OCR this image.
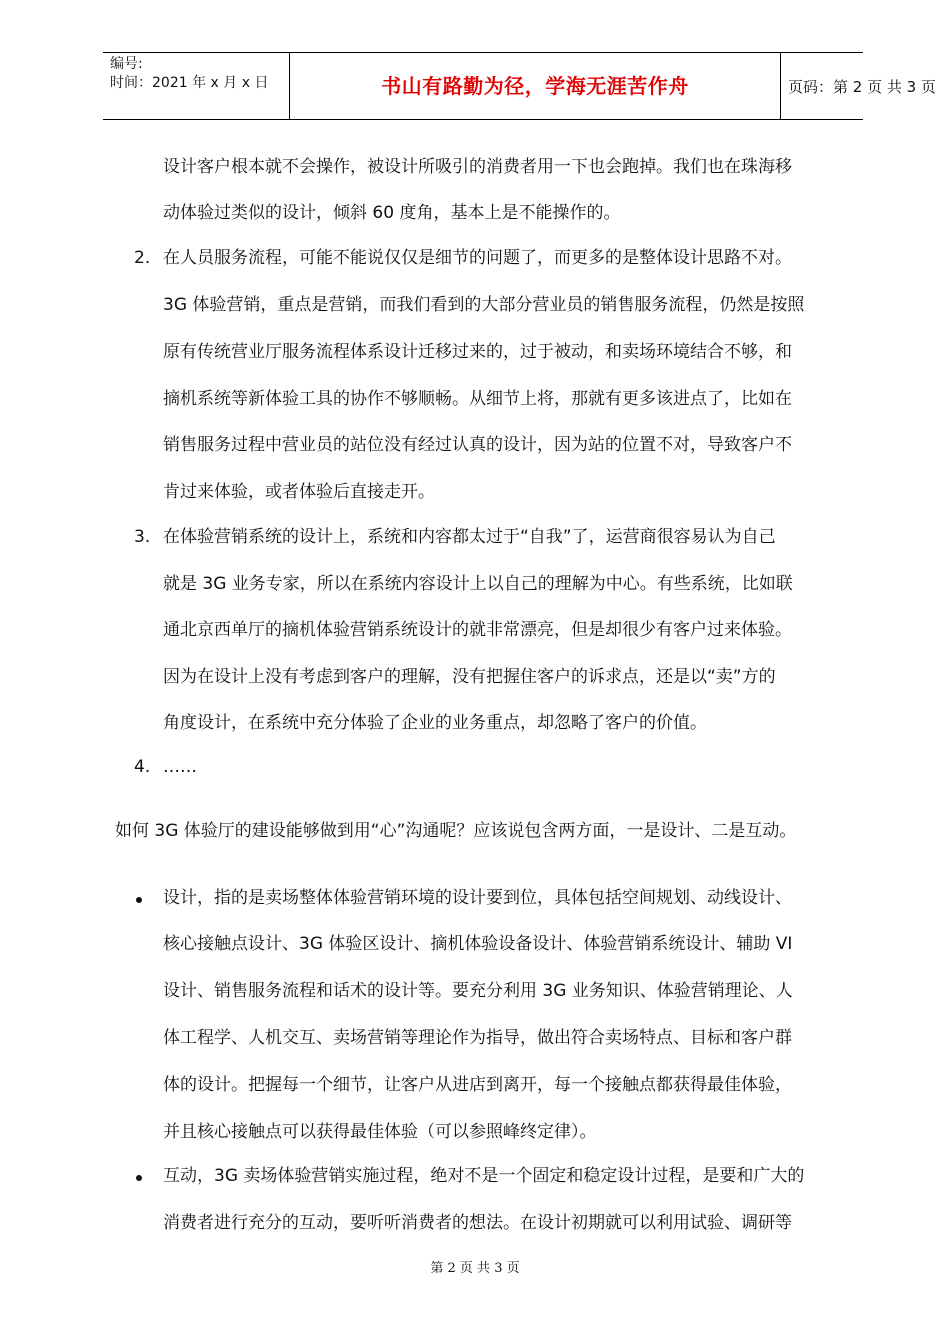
编号:
时间：2021 年 x 月 x 日	书山有路勤为径，学海无涯苦作舟	页码：第 2 页 共 3 页
设计客户根本就不会操作，被设计所吸引的消费者用一下也会跑掉。我们也在珠海移
动体验过类似的设计，倾斜 60 度角，基本上是不能操作的。
2. 在人员服务流程，可能不能说仅仅是细节的问题了，而更多的是整体设计思路不对。
3G 体验营销，重点是营销，而我们看到的大部分营业员的销售服务流程，仍然是按照
原有传统营业厅服务流程体系设计迁移过来的，过于被动，和卖场环境结合不够，和
摘机系统等新体验工具的协作不够顺畅。从细节上将，那就有更多该进点了，比如在
销售服务过程中营业员的站位没有经过认真的设计，因为站的位置不对，导致客户不
肯过来体验，或者体验后直接走开。
3. 在体验营销系统的设计上，系统和内容都太过于“自我”了，运营商很容易认为自己
就是 3G 业务专家，所以在系统内容设计上以自己的理解为中心。有些系统，比如联
通北京西单厅的摘机体验营销系统设计的就非常漂亮，但是却很少有客户过来体验。
因为在设计上没有考虑到客户的理解，没有把握住客户的诉求点，还是以“卖”方的
角度设计，在系统中充分体验了企业的业务重点，却忽略了客户的价值。
4. ……
如何 3G 体验厅的建设能够做到用“心”沟通呢？应该说包含两方面，一是设计、二是互动。
设计，指的是卖场整体体验营销环境的设计要到位，具体包括空间规划、动线设计、
核心接触点设计、3G 体验区设计、摘机体验设备设计、体验营销系统设计、辅助 VI
设计、销售服务流程和话术的设计等。要充分利用 3G 业务知识、体验营销理论、人
体工程学、人机交互、卖场营销等理论作为指导，做出符合卖场特点、目标和客户群
体的设计。把握每一个细节，让客户从进店到离开，每一个接触点都获得最佳体验，
并且核心接触点可以获得最佳体验（可以参照峰终定律）。
互动，3G 卖场体验营销实施过程，绝对不是一个固定和稳定设计过程，是要和广大的
消费者进行充分的互动，要听听消费者的想法。在设计初期就可以利用试验、调研等
第 2 页 共 3 页
